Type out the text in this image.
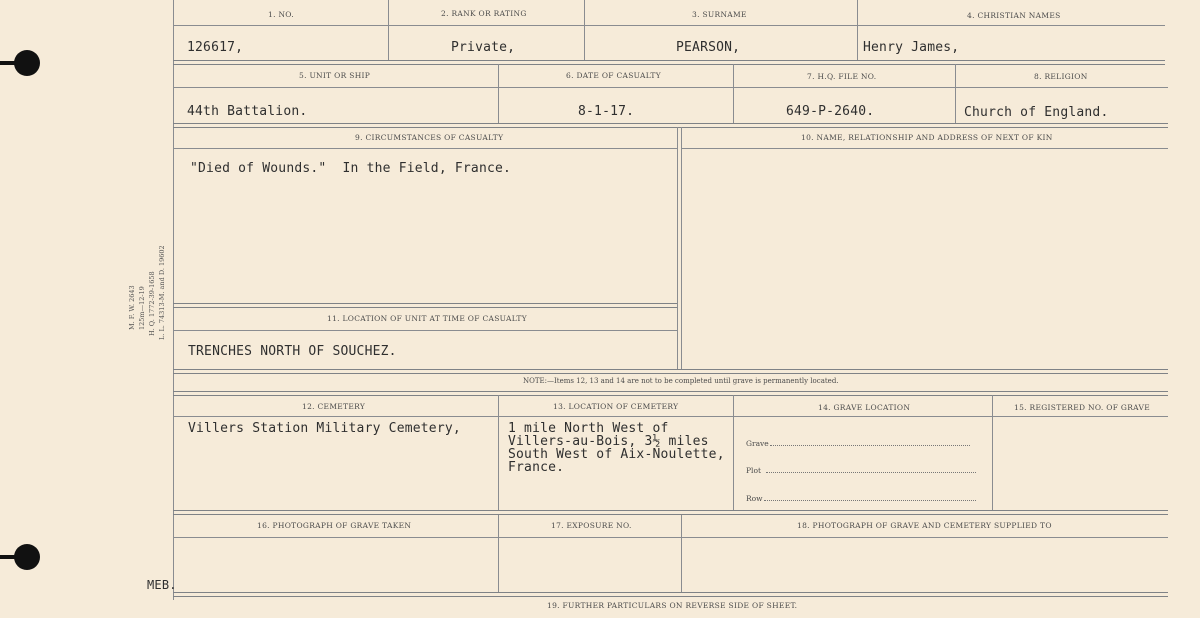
1. NO.	2. RANK OR RATING	3. SURNAME	4. CHRISTIAN NAMES
126617,	Private,	PEARSON,	Henry James,
5. UNIT OR SHIP	6. DATE OF CASUALTY	7. H.Q. FILE NO.	8. RELIGION
44th Battalion.	8-1-17.	649-P-2640.	Church of England.
9. CIRCUMSTANCES OF CASUALTY	10. NAME, RELATIONSHIP AND ADDRESS OF NEXT OF KIN
"Died of Wounds."  In the Field, France.
11. LOCATION OF UNIT AT TIME OF CASUALTY
TRENCHES NORTH OF SOUCHEZ.
NOTE:—Items 12, 13 and 14 are not to be completed until grave is permanently located.
12. CEMETERY	13. LOCATION OF CEMETERY	14. GRAVE LOCATION	15. REGISTERED NO. OF GRAVE
Villers Station Military Cemetery,	1 mile North West of
Villers-au-Bois, 3½ miles
South West of Aix-Noulette,
France.
Grave
Plot
Row
16. PHOTOGRAPH OF GRAVE TAKEN	17. EXPOSURE NO.	18. PHOTOGRAPH OF GRAVE AND CEMETERY SUPPLIED TO
19. FURTHER PARTICULARS ON REVERSE SIDE OF SHEET.
MEB.
M. F. W. 2643 125m—12-19 H. Q. 1772-39-1658 L. L. 74313-M. and D. 19602
